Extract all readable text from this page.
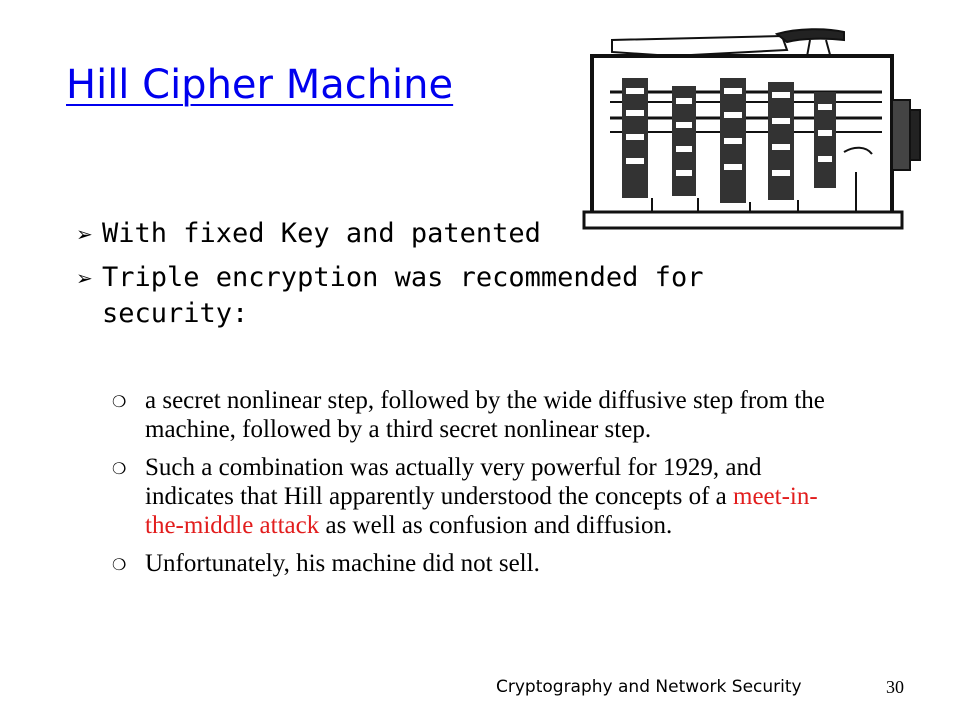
Hill Cipher Machine
➢ With fixed Key and patented
➢ Triple encryption was recommended for security:
❍ a secret nonlinear step, followed by the wide diffusive step from the machine, followed by a third secret nonlinear step.
❍ Such a combination was actually very powerful for 1929, and indicates that Hill apparently understood the concepts of a meet-in-the-middle attack as well as confusion and diffusion.
❍ Unfortunately, his machine did not sell.
Cryptography and Network Security	30
